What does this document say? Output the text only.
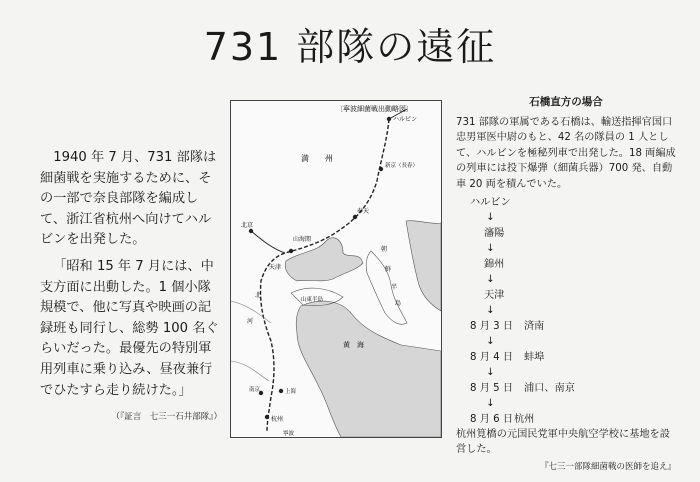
731 部隊の遠征

1940 年 7 月、731 部隊は細菌戦を実施するために、その一部で奈良部隊を編成して、浙江省杭州へ向けてハルビンを出発した。

「昭和 15 年 7 月には、中支方面に出動した。1 個小隊規模で、他に写真や映画の記録班も同行し、総勢 100 名ぐらいだった。最優先の特別軍用列車に乗り込み、昼夜兼行でひたすら走り続けた。」

（『証言　七三一石井部隊』）
〔寧波細菌戦出動略図〕
ハルビン
満　　州
新京（長春）
奉天
北京
山海関
天津
朝
鮮
半
島
山東半島
黄　海
河
北
南京	上海
杭州
寧波
石橋直方の場合

731 部隊の軍属である石橋は、輸送指揮官国口忠男軍医中尉のもと、42 名の隊員の 1 人として、ハルビンを極秘列車で出発した。18 両編成の列車には投下爆弾（細菌兵器）700 発、自動車 20 両を積んでいた。

ハルビン
↓
瀋陽
↓
錦州
↓
天津
↓
8 月 3 日 済南
↓
8 月 4 日 蚌埠
↓
8 月 5 日 浦口、南京
↓
8 月 6 日 杭州

杭州筧橋の元国民党軍中央航空学校に基地を設営した。

『七三一部隊細菌戦の医師を追え』
